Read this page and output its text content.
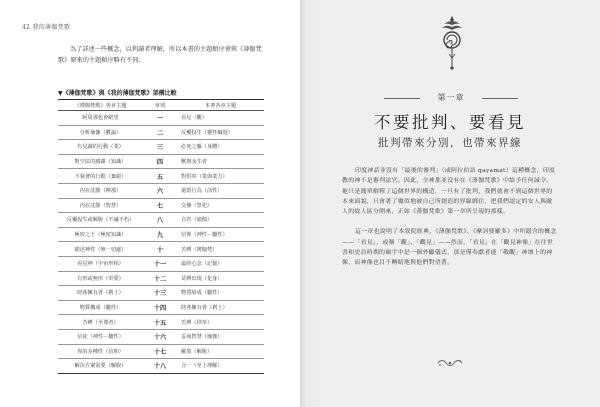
42 我的薄伽梵歌

為了詳述一些概念，以利讀者理解，所以本書的主題順序會與《薄伽梵歌》原來的主題順序略有不同。

▼《薄伽梵歌》與《我的薄伽梵歌》架構比較
《薄伽梵歌》各章主題	章別	本書各章主題
阿周那也會絕望	一	看見（觀）
分析瑜伽（數論）	二	反覆投生（靈性輪迴）
有見識的行動（業）	三	必死之軀（身體）
對空法的感謝（知識）	四	獸與永生者
不執著的行動（棄絕）	五	對供奉（業與業力）
內在沈靜（禪那）	六	還當行為（活性）
內在沈靜（智慧）	七	交換（祭祀）
反覆投生或解脫（不滅不朽）	八	自省（瑜伽）
極密之王（極密知識）	九	信仰（神性－屬性）
描述神性（無一切處）	十	苦縛（薄伽梵）
看見神（宇宙形相）	十一	最終心念（記憶）
有形或無形（奉愛）	十二	苛縛出現（化身）
財產擁有者（剎土）	十三	物質組成（屬性）
物質構成（屬性）	十四	財產擁有者（剎土）
苦縛（至尊者）	十五	苦縛（供奉）
信徒（神性－屬性）	十六	妥商智慧（瑜伽）
你的多種性（信仰）	十七	解放（解脫）
解決方案需要（解脫）	十八	合一（至上理解）
第一章
不要批判、要看見
批判帶來分別，也帶來界線

印度神話並沒有「最後的審判」（或阿拉伯語 qayamat）這種概念，印度教的神不是審判法官。因此，全神那並沒有在《薄伽梵歌》中給予任何誡令，祂只是簡單解釋了這個世界的構造，一旦有了批判，我們就會不到這個世界的本來面貌，只會著了魔似地被自己所創造的界線綁住，把我們認定的安人與敵人的故人區分開來，正如《薄伽梵歌》第一章所呈現的那樣。

這一章也說明了本叙院經典，《薄伽梵歌》、《摩訶婆羅多》中所隱含的概念——「看見」，或稱「觀」、「觀見」——然而，「看見」在「觀見神像」在往世書和史詩時期的廟宇中是一個外顯儀式，那是僅奉獻者能「敬觀」神壇上的神像，而神像也目不轉睛地與他們對望著。
